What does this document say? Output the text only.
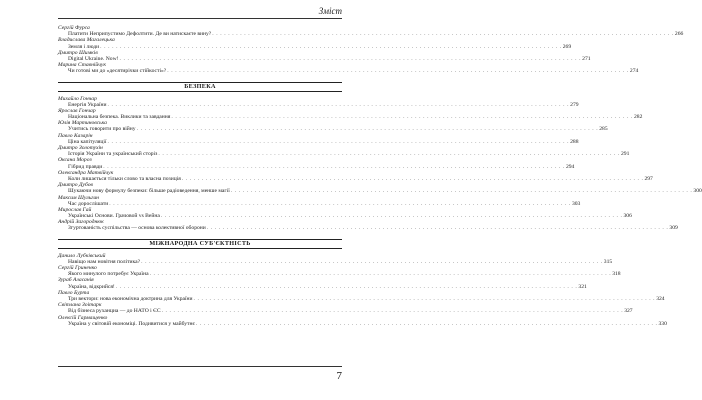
Зміст
Сергій Фурса
Платити Неприпустимо Дефолтити. Де ви натискаєте вину? . . .	266
Владислава Магалецька
Земля і люди . . .	269
Дмитро Шимків
Digital Ukraine. Now! . . .	271
Марина Ставнійчук
Чи готові ми до «десятирічки стійкості»? . . .	274
БЕЗПЕКА
Михайло Гончар
Енергія України . . .	279
Ярослав Гончар
Національна безпека. Виклики та завдання . . .	282
Юлія Мартиновська
Учитись говорити про війну . . .	285
Павло Казарін
Ціна капітуляції . . .	288
Дмитро Золотухін
Історія України та український сторіз . . .	291
Оксана Мороз
Гібрид правди . . .	294
Олександра Матвійчук
Коли лишається тільки слово та власна позиція . . .	297
Дмитро Дубов
Шукаючи нову формулу безпеки: більше радіоведення, менше магії . . .	300
Максим Шульгин
Час дорослішати . . .	303
Мирослав Гай
Українські Основи. Грачовой vs Вейна . . .	306
Андрій Загороднюк
Згуртованість суспільства — основа колективної оборони . . .	309
МІЖНАРОДНА СУБ'ЄКТНІСТЬ
Данило Лубківський
Навіщо нам новітня політика? . . .	315
Сергій Гриненко
Якого минулого потребує Україна . . .	318
Зураб Аласанія
Україна, відкрийся! . . .	321
Павло Бурта
Три вектори: нова економічна доктрина для України . . .	324
Світлана Зоітарк
Від бізнеса руханциа — до НАТО і ЄС . . .	327
Олексій Гармащенко
Україна у світовій економіці. Подивитися у майбутнє . . .	330
7
